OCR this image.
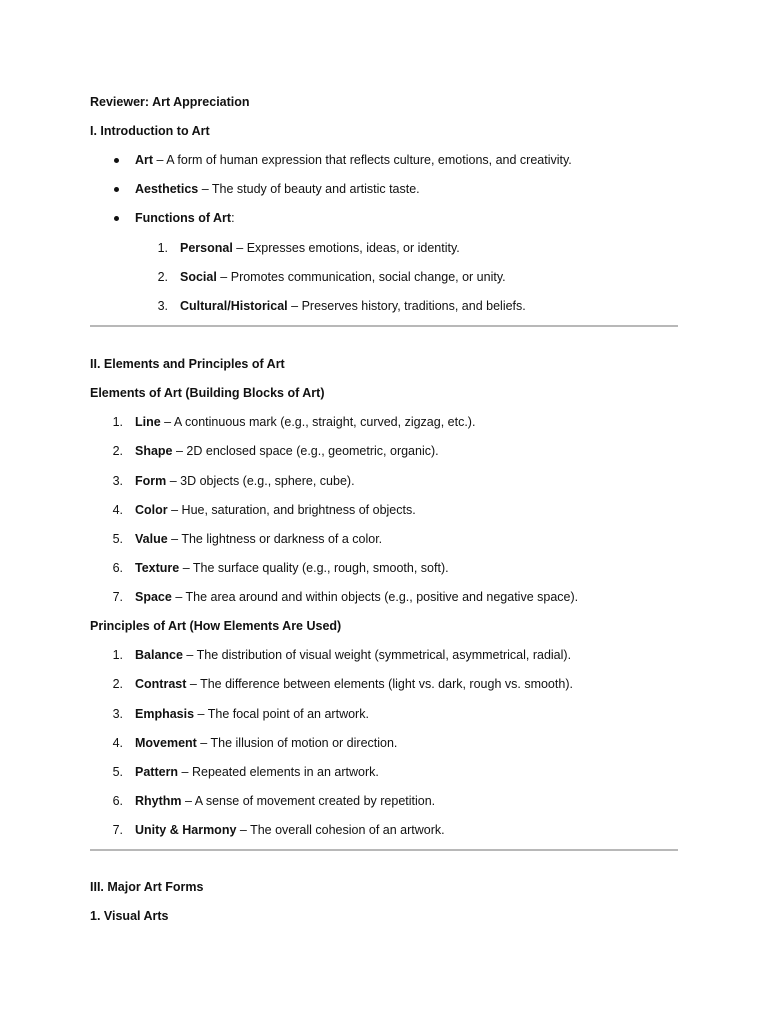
Reviewer: Art Appreciation
I. Introduction to Art
Art – A form of human expression that reflects culture, emotions, and creativity.
Aesthetics – The study of beauty and artistic taste.
Functions of Art:
1. Personal – Expresses emotions, ideas, or identity.
2. Social – Promotes communication, social change, or unity.
3. Cultural/Historical – Preserves history, traditions, and beliefs.
II. Elements and Principles of Art
Elements of Art (Building Blocks of Art)
1. Line – A continuous mark (e.g., straight, curved, zigzag, etc.).
2. Shape – 2D enclosed space (e.g., geometric, organic).
3. Form – 3D objects (e.g., sphere, cube).
4. Color – Hue, saturation, and brightness of objects.
5. Value – The lightness or darkness of a color.
6. Texture – The surface quality (e.g., rough, smooth, soft).
7. Space – The area around and within objects (e.g., positive and negative space).
Principles of Art (How Elements Are Used)
1. Balance – The distribution of visual weight (symmetrical, asymmetrical, radial).
2. Contrast – The difference between elements (light vs. dark, rough vs. smooth).
3. Emphasis – The focal point of an artwork.
4. Movement – The illusion of motion or direction.
5. Pattern – Repeated elements in an artwork.
6. Rhythm – A sense of movement created by repetition.
7. Unity & Harmony – The overall cohesion of an artwork.
III. Major Art Forms
1. Visual Arts
